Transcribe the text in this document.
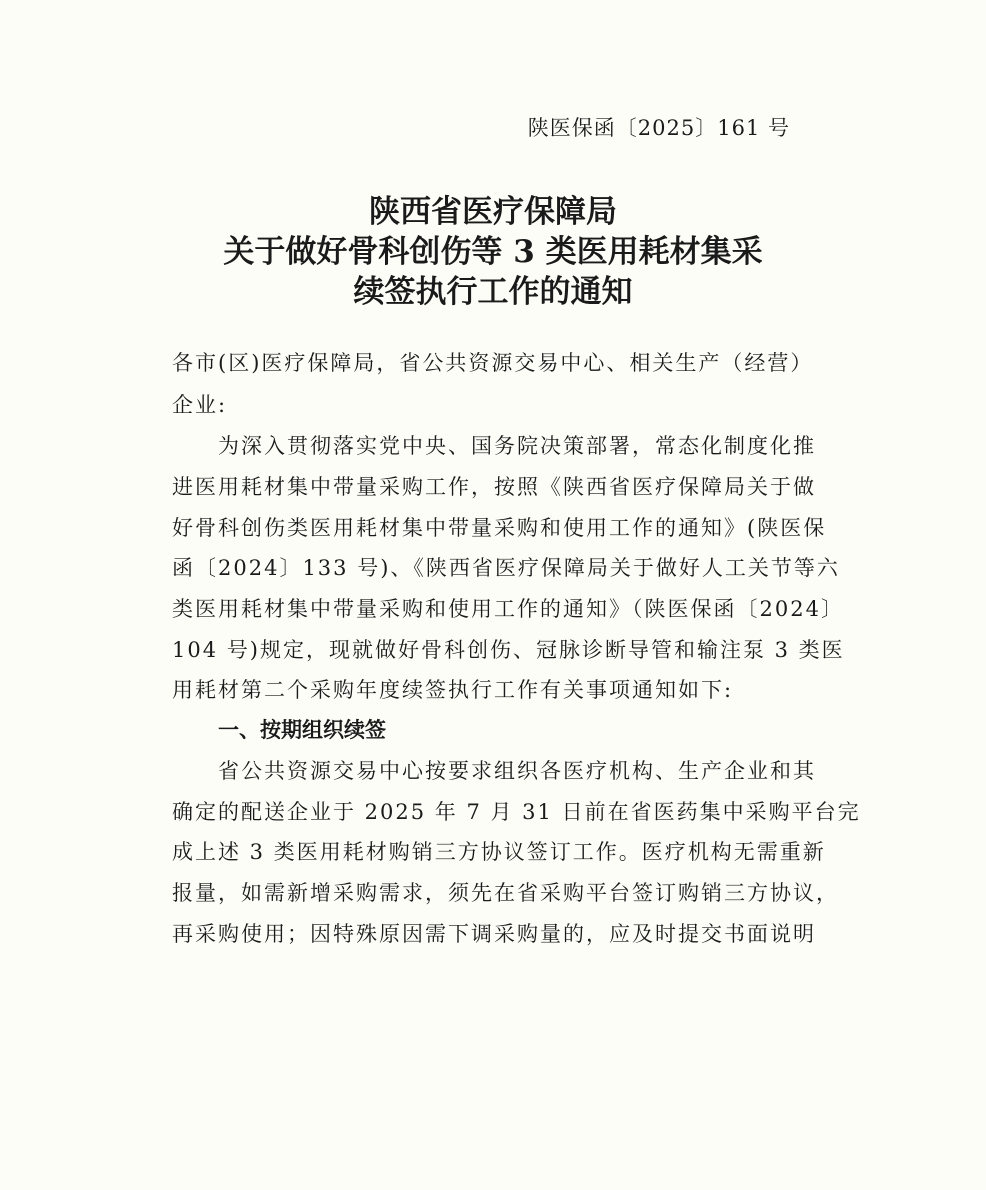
陕医保函〔2025〕161 号
陕西省医疗保障局
关于做好骨科创伤等 3 类医用耗材集采
续签执行工作的通知
各市(区)医疗保障局，省公共资源交易中心、相关生产（经营）
企业:
为深入贯彻落实党中央、国务院决策部署，常态化制度化推
进医用耗材集中带量采购工作，按照《陕西省医疗保障局关于做
好骨科创伤类医用耗材集中带量采购和使用工作的通知》(陕医保
函〔2024〕133 号)、《陕西省医疗保障局关于做好人工关节等六
类医用耗材集中带量采购和使用工作的通知》（陕医保函〔2024〕
104 号)规定，现就做好骨科创伤、冠脉诊断导管和输注泵 3 类医
用耗材第二个采购年度续签执行工作有关事项通知如下:
一、按期组织续签
省公共资源交易中心按要求组织各医疗机构、生产企业和其
确定的配送企业于 2025 年 7 月 31 日前在省医药集中采购平台完
成上述 3 类医用耗材购销三方协议签订工作。医疗机构无需重新
报量，如需新增采购需求，须先在省采购平台签订购销三方协议，
再采购使用；因特殊原因需下调采购量的，应及时提交书面说明
